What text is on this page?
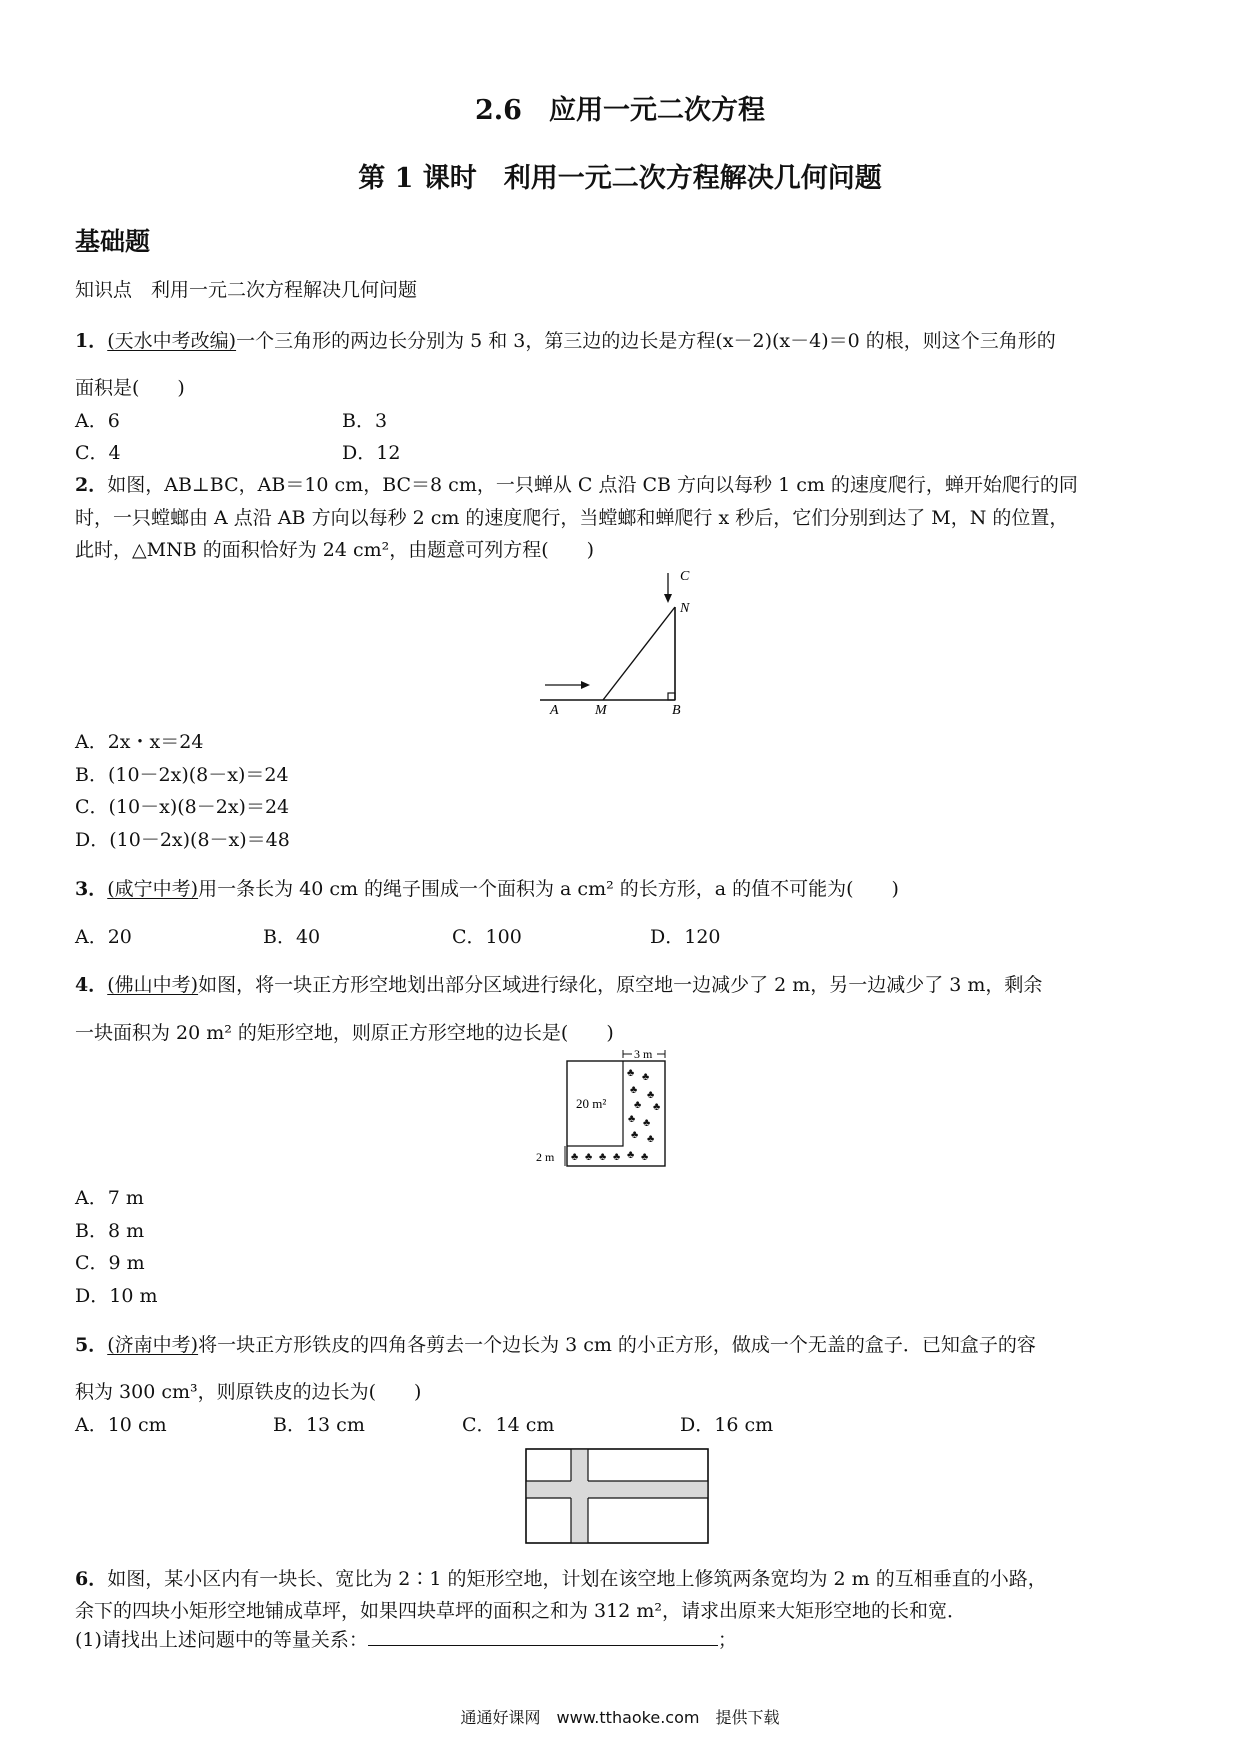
2.6　应用一元二次方程
第 1 课时　利用一元二次方程解决几何问题
基础题
知识点　利用一元二次方程解决几何问题
1．(天水中考改编)一个三角形的两边长分别为 5 和 3，第三边的边长是方程(x－2)(x－4)＝0 的根，则这个三角形的
面积是(　　)
A．6	B．3
C．4	D．12
2．如图，AB⊥BC，AB＝10 cm，BC＝8 cm，一只蝉从 C 点沿 CB 方向以每秒 1 cm 的速度爬行，蝉开始爬行的同
时，一只螳螂由 A 点沿 AB 方向以每秒 2 cm 的速度爬行，当螳螂和蝉爬行 x 秒后，它们分别到达了 M，N 的位置，
此时，△MNB 的面积恰好为 24 cm²，由题意可列方程(　　)
A	M	B
N
C
A．2x・x＝24
B．(10－2x)(8－x)＝24
C．(10－x)(8－2x)＝24
D．(10－2x)(8－x)＝48
3．(咸宁中考)用一条长为 40 cm 的绳子围成一个面积为 a cm² 的长方形，a 的值不可能为(　　)
A．20	B．40	C．100	D．120
4．(佛山中考)如图，将一块正方形空地划出部分区域进行绿化，原空地一边减少了 2 m，另一边减少了 3 m，剩余
一块面积为 20 m² 的矩形空地，则原正方形空地的边长是(　　)
3 m
20 m²
2 m
♣ ♣
♣ ♣
♣ ♣
♣ ♣
♣ ♣
♣ ♣ ♣ ♣ ♣ ♣
A．7 m
B．8 m
C．9 m
D．10 m
5．(济南中考)将一块正方形铁皮的四角各剪去一个边长为 3 cm 的小正方形，做成一个无盖的盒子．已知盒子的容
积为 300 cm³，则原铁皮的边长为(　　)
A．10 cm	B．13 cm	C．14 cm	D．16 cm
6．如图，某小区内有一块长、宽比为 2∶1 的矩形空地，计划在该空地上修筑两条宽均为 2 m 的互相垂直的小路，
余下的四块小矩形空地铺成草坪，如果四块草坪的面积之和为 312 m²，请求出原来大矩形空地的长和宽．
(1)请找出上述问题中的等量关系：	；
通通好课网　www.tthaoke.com　提供下载
